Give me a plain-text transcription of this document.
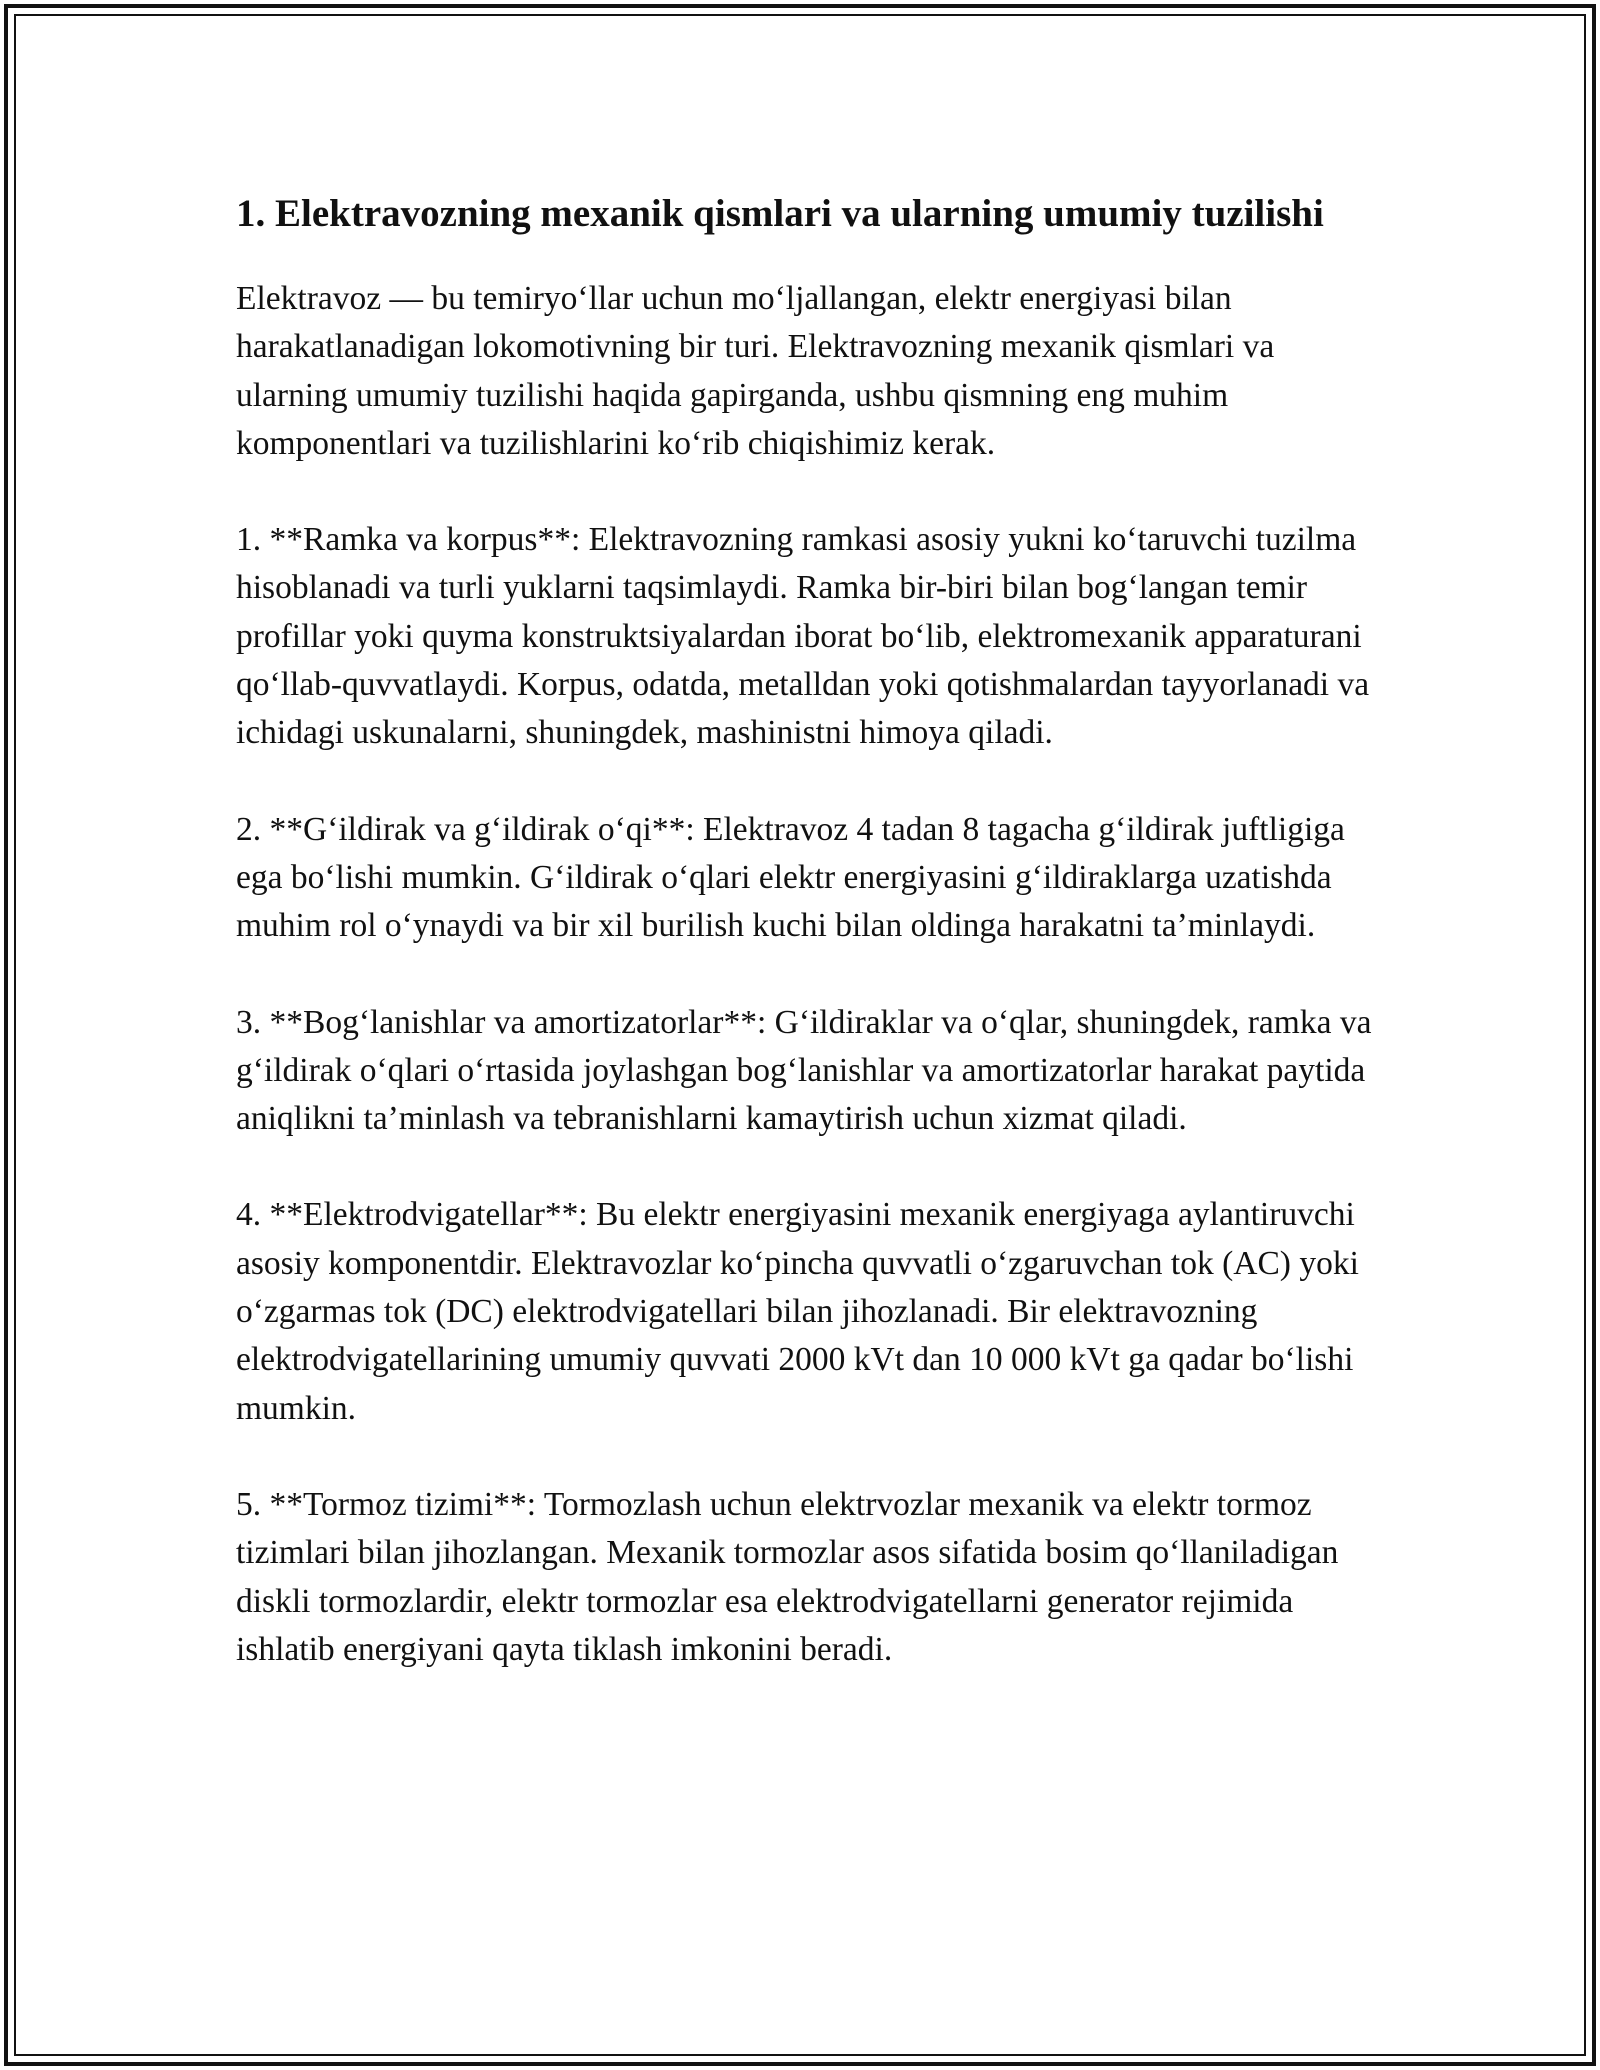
1. Elektravozning mexanik qismlari va ularning umumiy tuzilishi

Elektravoz — bu temiryo‘llar uchun mo‘ljallangan, elektr energiyasi bilan harakatlanadigan lokomotivning bir turi. Elektravozning mexanik qismlari va ularning umumiy tuzilishi haqida gapirganda, ushbu qismning eng muhim komponentlari va tuzilishlarini ko‘rib chiqishimiz kerak.

1. **Ramka va korpus**: Elektravozning ramkasi asosiy yukni ko‘taruvchi tuzilma hisoblanadi va turli yuklarni taqsimlaydi. Ramka bir-biri bilan bog‘langan temir profillar yoki quyma konstruktsiyalardan iborat bo‘lib, elektromexanik apparaturani qo‘llab-quvvatlaydi. Korpus, odatda, metalldan yoki qotishmalardan tayyorlanadi va ichidagi uskunalarni, shuningdek, mashinistni himoya qiladi.

2. **G‘ildirak va g‘ildirak o‘qi**: Elektravoz 4 tadan 8 tagacha g‘ildirak juftligiga ega bo‘lishi mumkin. G‘ildirak o‘qlari elektr energiyasini g‘ildiraklarga uzatishda muhim rol o‘ynaydi va bir xil burilish kuchi bilan oldinga harakatni ta’minlaydi.

3. **Bog‘lanishlar va amortizatorlar**: G‘ildiraklar va o‘qlar, shuningdek, ramka va g‘ildirak o‘qlari o‘rtasida joylashgan bog‘lanishlar va amortizatorlar harakat paytida aniqlikni ta’minlash va tebranishlarni kamaytirish uchun xizmat qiladi.

4. **Elektrodvigatellar**: Bu elektr energiyasini mexanik energiyaga aylantiruvchi asosiy komponentdir. Elektravozlar ko‘pincha quvvatli o‘zgaruvchan tok (AC) yoki o‘zgarmas tok (DC) elektrodvigatellari bilan jihozlanadi. Bir elektravozning elektrodvigatellarining umumiy quvvati 2000 kVt dan 10 000 kVt ga qadar bo‘lishi mumkin.

5. **Tormoz tizimi**: Tormozlash uchun elektrvozlar mexanik va elektr tormoz tizimlari bilan jihozlangan. Mexanik tormozlar asos sifatida bosim qo‘llaniladigan diskli tormozlardir, elektr tormozlar esa elektrodvigatellarni generator rejimida ishlatib energiyani qayta tiklash imkonini beradi.
